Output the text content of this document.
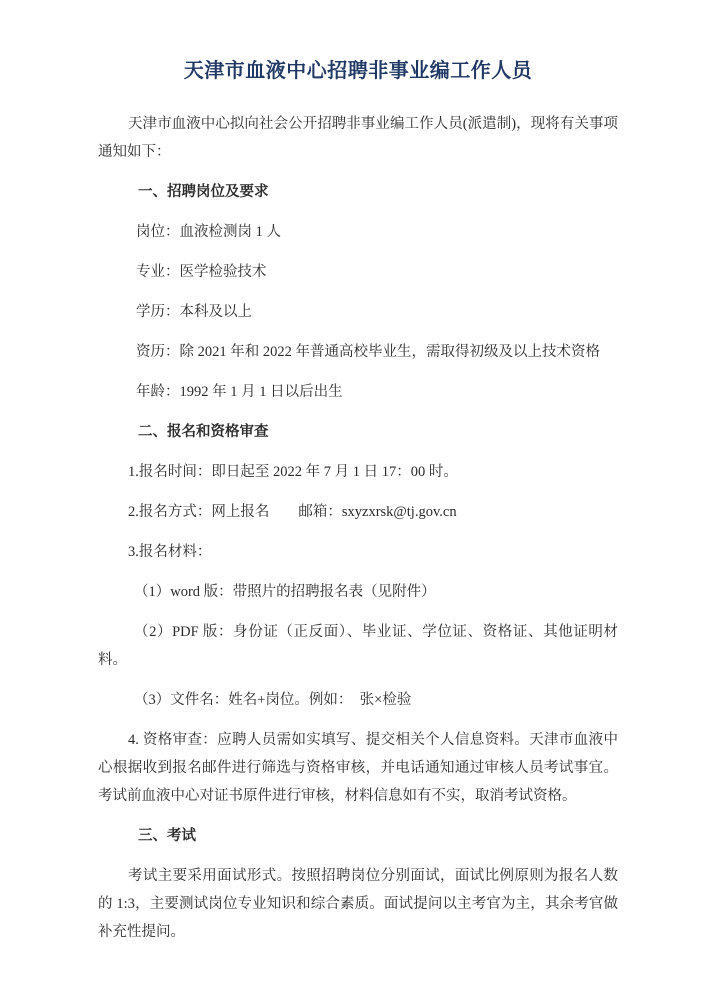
天津市血液中心招聘非事业编工作人员

天津市血液中心拟向社会公开招聘非事业编工作人员(派遣制)，现将有关事项通知如下：

一、招聘岗位及要求

岗位：血液检测岗 1 人

专业：医学检验技术

学历：本科及以上

资历：除 2021 年和 2022 年普通高校毕业生，需取得初级及以上技术资格

年龄：1992 年 1 月 1 日以后出生

二、报名和资格审查

1.报名时间：即日起至 2022 年 7 月 1 日 17：00 时。

2.报名方式：网上报名　　邮箱：sxyzxrsk@tj.gov.cn

3.报名材料：

（1）word 版：带照片的招聘报名表（见附件）

（2）PDF 版：身份证（正反面）、毕业证、学位证、资格证、其他证明材料。

（3）文件名：姓名+岗位。例如：　张×检验

4. 资格审查：应聘人员需如实填写、提交相关个人信息资料。天津市血液中心根据收到报名邮件进行筛选与资格审核，并电话通知通过审核人员考试事宜。考试前血液中心对证书原件进行审核，材料信息如有不实，取消考试资格。

三、考试

考试主要采用面试形式。按照招聘岗位分别面试，面试比例原则为报名人数的 1:3，主要测试岗位专业知识和综合素质。面试提问以主考官为主，其余考官做补充性提问。
